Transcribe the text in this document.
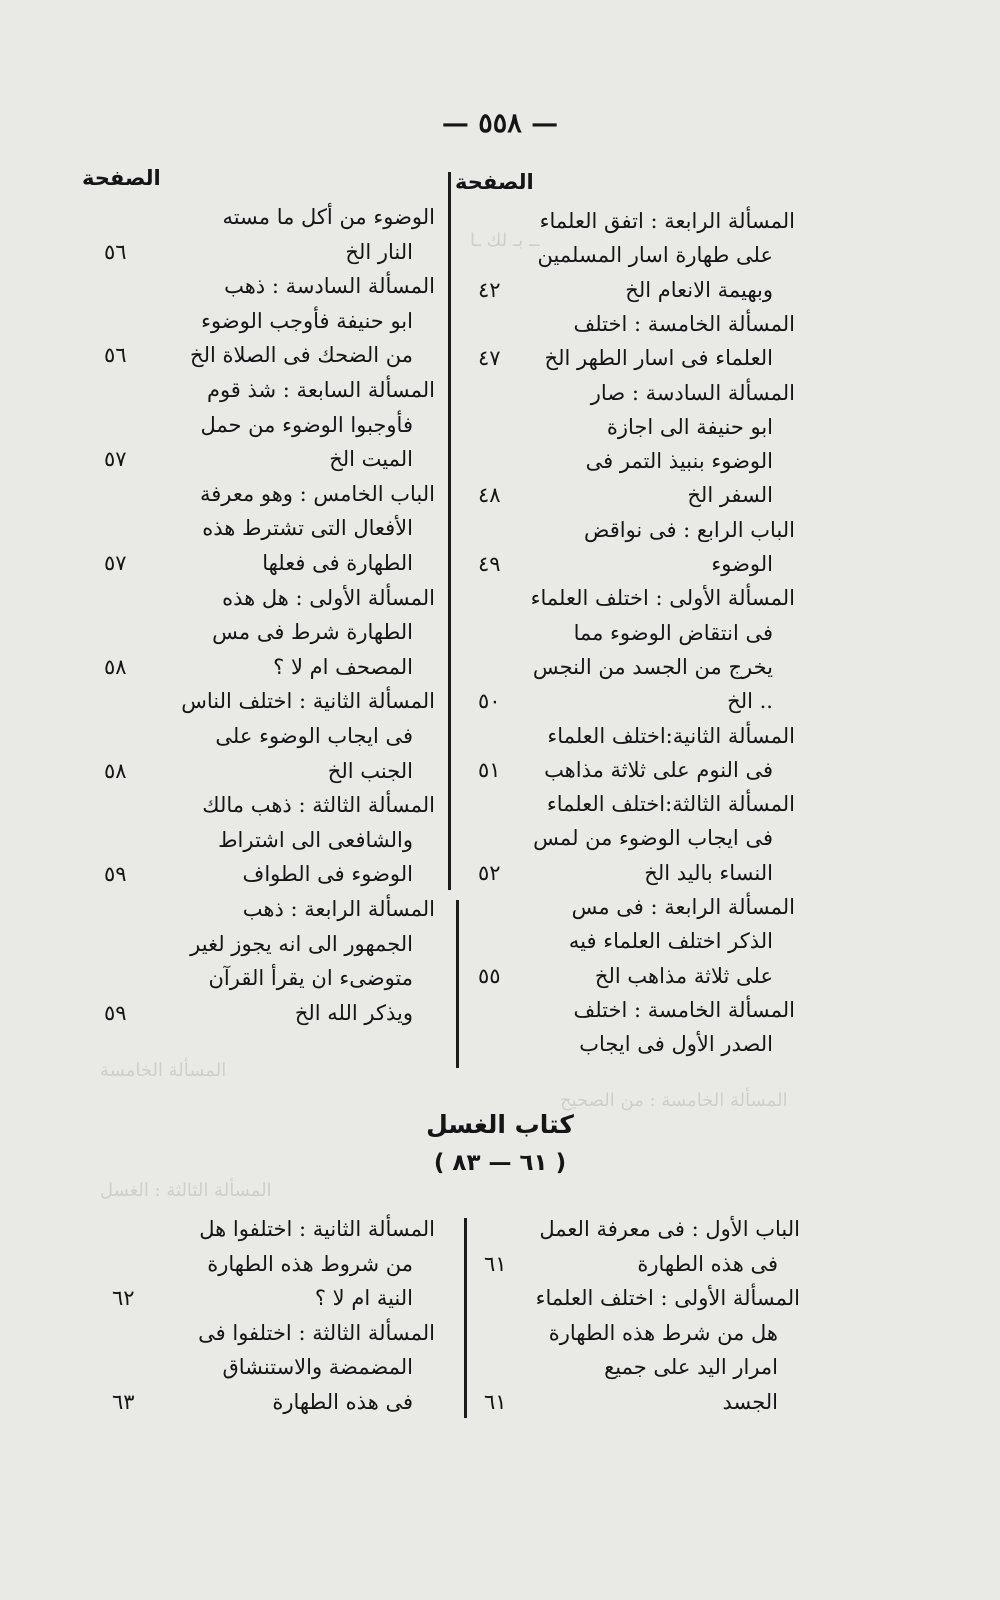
ــ بـ لك ـا
المسألة الخامسة
المسألة الخامسة : من الصحيح
المسألة الثالثة : الغسل
— ٥٥٨ —
الصفحة
الصفحة
المسألة الرابعة : اتفق العلماء
على طهارة اسار المسلمين
وبهيمة الانعام الخ
٤٢
المسألة الخامسة : اختلف
العلماء فى اسار الطهر الخ
٤٧
المسألة السادسة : صار
ابو حنيفة الى اجازة
الوضوء بنبيذ التمر فى
السفر الخ
٤٨
الباب الرابع : فى نواقض
الوضوء
٤٩
المسألة الأولى : اختلف العلماء
فى انتقاض الوضوء مما
يخرج من الجسد من النجس
.. الخ
٥٠
المسألة الثانية:اختلف العلماء
فى النوم على ثلاثة مذاهب
٥١
المسألة الثالثة:اختلف العلماء
فى ايجاب الوضوء من لمس
النساء باليد الخ
٥٢
المسألة الرابعة : فى مس
الذكر اختلف العلماء فيه
على ثلاثة مذاهب الخ
٥٥
المسألة الخامسة : اختلف
الصدر الأول فى ايجاب
الوضوء من أكل ما مسته
النار الخ
٥٦
المسألة السادسة : ذهب
ابو حنيفة فأوجب الوضوء
من الضحك فى الصلاة الخ
٥٦
المسألة السابعة : شذ قوم
فأوجبوا الوضوء من حمل
الميت الخ
٥٧
الباب الخامس : وهو معرفة
الأفعال التى تشترط هذه
الطهارة فى فعلها
٥٧
المسألة الأولى : هل هذه
الطهارة شرط فى مس
المصحف ام لا ؟
٥٨
المسألة الثانية : اختلف الناس
فى ايجاب الوضوء على
الجنب الخ
٥٨
المسألة الثالثة : ذهب مالك
والشافعى الى اشتراط
الوضوء فى الطواف
٥٩
المسألة الرابعة : ذهب
الجمهور الى انه يجوز لغير
متوضىء ان يقرأ القرآن
ويذكر الله الخ
٥٩
كتاب الغسل
( ٦١ — ٨٣ )
الباب الأول : فى معرفة العمل
فى هذه الطهارة
٦١
المسألة الأولى : اختلف العلماء
هل من شرط هذه الطهارة
امرار اليد على جميع
الجسد
٦١
المسألة الثانية : اختلفوا هل
من شروط هذه الطهارة
النية ام لا ؟
٦٢
المسألة الثالثة : اختلفوا فى
المضمضة والاستنشاق
فى هذه الطهارة
٦٣
